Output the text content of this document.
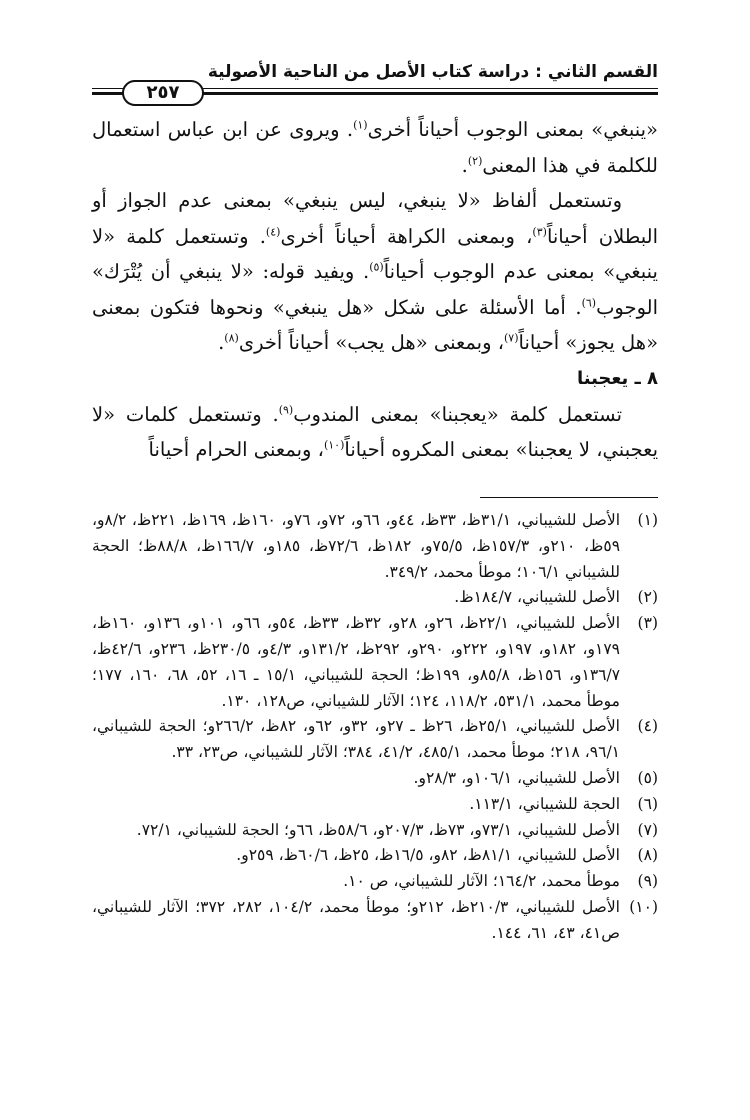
القسم الثاني : دراسة كتاب الأصل من الناحية الأصولية
٢٥٧

«ينبغي» بمعنى الوجوب أحياناً أخرى$^{(١)}$. ويروى عن ابن عباس استعمال للكلمة في هذا المعنى$^{(٢)}$.

وتستعمل ألفاظ «لا ينبغي، ليس ينبغي» بمعنى عدم الجواز أو البطلان أحياناً$^{(٣)}$، وبمعنى الكراهة أحياناً أخرى$^{(٤)}$. وتستعمل كلمة «لا ينبغي» بمعنى عدم الوجوب أحياناً$^{(٥)}$. ويفيد قوله: «لا ينبغي أن يُتْرَك» الوجوب$^{(٦)}$. أما الأسئلة على شكل «هل ينبغي» ونحوها فتكون بمعنى «هل يجوز» أحياناً$^{(٧)}$، وبمعنى «هل يجب» أحياناً أخرى$^{(٨)}$.

٨ ـ يعجبنا

تستعمل كلمة «يعجبنا» بمعنى المندوب$^{(٩)}$. وتستعمل كلمات «لا يعجبني، لا يعجبنا» بمعنى المكروه أحياناً$^{(١٠)}$، وبمعنى الحرام أحياناً

(١)
الأصل للشيباني، ٣١/١ظ، ٣٣ظ، ٤٤و، ٦٦و، ٧٢و، ٧٦و، ١٦٠ظ، ١٦٩ظ، ٢٢١ظ، ٨/٢و، ٥٩ظ، ٢١٠و، ١٥٧/٣ظ، ٧٥/٥و، ١٨٢ظ، ٧٢/٦ظ، ١٨٥و، ١٦٦/٧ظ، ٨٨/٨ظ؛ الحجة للشيباني ١٠٦/١؛ موطأ محمد، ٣٤٩/٢.
(٢)
الأصل للشيباني، ١٨٤/٧ظ.
(٣)
الأصل للشيباني، ٢٢/١ظ، ٢٦و، ٢٨و، ٣٢ظ، ٣٣ظ، ٥٤و، ٦٦و، ١٠١و، ١٣٦و، ١٦٠ظ، ١٧٩و، ١٨٢و، ١٩٧و، ٢٢٢و، ٢٩٠و، ٢٩٢ظ، ١٣١/٢و، ٤/٣و، ٢٣٠/٥ظ، ٢٣٦و، ٤٢/٦ظ، ١٣٦/٧و، ١٥٦ظ، ٨٥/٨و، ١٩٩ظ؛ الحجة للشيباني، ١٥/١ ـ ١٦، ٥٢، ٦٨، ١٦٠، ١٧٧؛ موطأ محمد، ٥٣١/١، ١١٨/٢، ١٢٤؛ الآثار للشيباني، ص١٢٨، ١٣٠.
(٤)
الأصل للشيباني، ٢٥/١ظ، ٢٦ظ ـ ٢٧و، ٣٢و، ٦٢و، ٨٢ظ، ٢٦٦/٢و؛ الحجة للشيباني، ٩٦/١، ٢١٨؛ موطأ محمد، ٤٨٥/١، ٤١/٢، ٣٨٤؛ الآثار للشيباني، ص٢٣، ٣٣.
(٥)
الأصل للشيباني، ١٠٦/١و، ٢٨/٣و.
(٦)
الحجة للشيباني، ١١٣/١.
(٧)
الأصل للشيباني، ٧٣/١و، ٧٣ظ، ٢٠٧/٣و، ٥٨/٦ظ، ٦٦و؛ الحجة للشيباني، ٧٢/١.
(٨)
الأصل للشيباني، ٨١/١ظ، ٨٢و، ١٦/٥ظ، ٢٥ظ، ٦٠/٦ظ، ٢٥٩و.
(٩)
موطأ محمد، ١٦٤/٢؛ الآثار للشيباني، ص ١٠.
(١٠)
الأصل للشيباني، ٢١٠/٣ظ، ٢١٢و؛ موطأ محمد، ١٠٤/٢، ٢٨٢، ٣٧٢؛ الآثار للشيباني، ص٤١، ٤٣، ٦١، ١٤٤.
